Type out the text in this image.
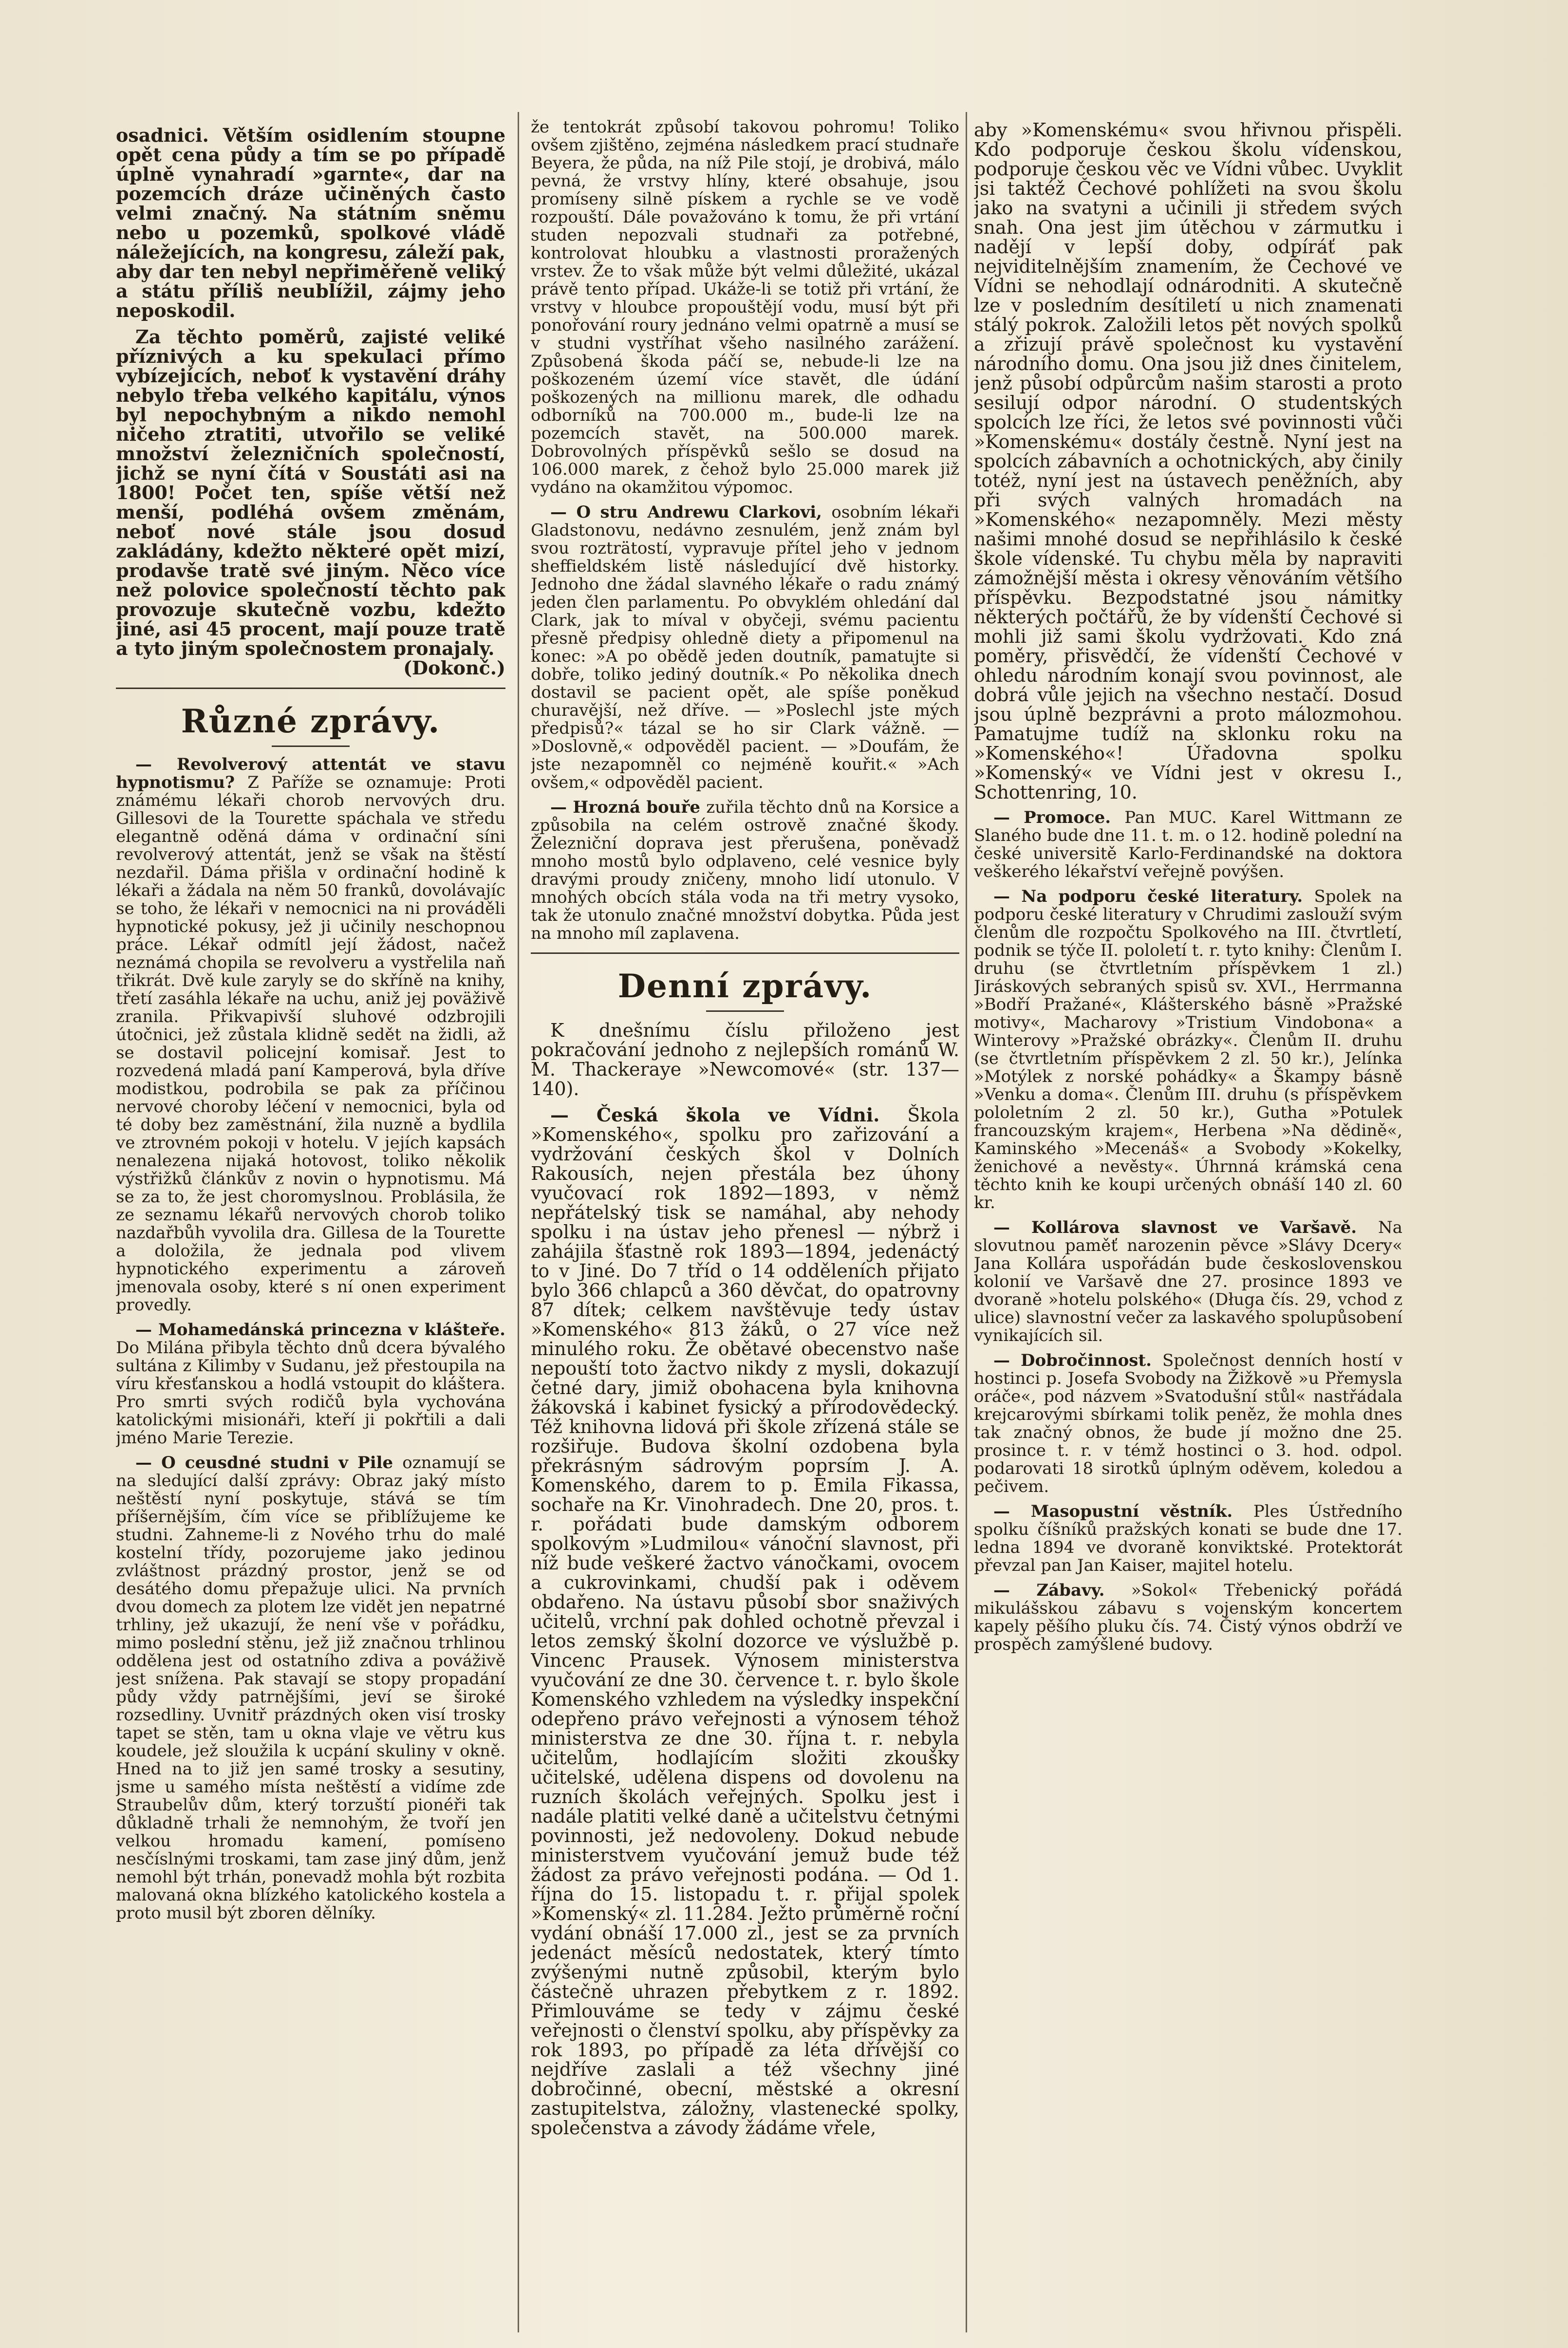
osadnici. Větším osidlením stoupne opět cena půdy a tím se po případě úplně vynahradí »garnte«, dar na pozemcích dráze učiněných často velmi značný. Na státním sněmu nebo u pozemků, spolkové vládě náležejících, na kongresu, záleží pak, aby dar ten nebyl nepřiměřeně veliký a státu příliš neublížil, zájmy jeho neposkodil.

Za těchto poměrů, zajisté veliké příznivých a ku spekulaci přímo vybízejících, neboť k vystavění dráhy nebylo třeba velkého kapitálu, výnos byl nepochybným a nikdo nemohl ničeho ztratiti, utvořilo se veliké množství železničních společností, jichž se nyní čítá v Soustáti asi na 1800! Počet ten, spíše větší než menší, podléhá ovšem změnám, neboť nové stále jsou dosud zakládány, kdežto některé opět mizí, prodavše tratě své jiným. Něco více než polovice společností těchto pak provozuje skutečně vozbu, kdežto jiné, asi 45 procent, mají pouze tratě a tyto jiným společnostem pronajaly.

(Dokonč.)
Různé zprávy.

— Revolverový attentát ve stavu hypnotismu? Z Paříže se oznamuje: Proti známému lékaři chorob nervových dru. Gillesovi de la Tourette spáchala ve středu elegantně oděná dáma v ordinační síni revolverový attentát, jenž se však na štěstí nezdařil. Dáma přišla v ordinační hodině k lékaři a žádala na něm 50 franků, dovolávajíc se toho, že lékaři v nemocnici na ni prováděli hypnotické pokusy, jež ji učinily neschopnou práce. Lékař odmítl její žádost, načež neznámá chopila se revolveru a vystřelila naň třikrát. Dvě kule zaryly se do skříně na knihy, třetí zasáhla lékaře na uchu, aniž jej poväživě zranila. Přikvapivší sluhové odzbrojili útočnici, jež zůstala klidně sedět na židli, až se dostavil policejní komisař. Jest to rozvedená mladá paní Kamperová, byla dříve modistkou, podrobila se pak za příčinou nervové choroby léčení v nemocnici, byla od té doby bez zaměstnání, žila nuzně a bydlila ve ztrovném pokoji v hotelu. V jejích kapsách nenalezena nijaká hotovost, toliko několik výstřižků článkův z novin o hypnotismu. Má se za to, že jest choromyslnou. Problásila, že ze seznamu lékařů nervových chorob toliko nazdařbůh vyvolila dra. Gillesa de la Tourette a doložila, že jednala pod vlivem hypnotického experimentu a zároveň jmenovala osoby, které s ní onen experiment provedly.

— Mohamedánská princezna v klášteře. Do Milána přibyla těchto dnů dcera bývalého sultána z Kilimby v Sudanu, jež přestoupila na víru křesťanskou a hodlá vstoupit do kláštera. Pro smrti svých rodičů byla vychována katolickými misionáři, kteří ji pokřtili a dali jméno Marie Terezie.

— O ceusdné studni v Pile oznamují se na sledující další zprávy: Obraz jaký místo neštěstí nyní poskytuje, stává se tím příšernějším, čím více se přiblížujeme ke studni. Zahneme-li z Nového trhu do malé kostelní třídy, pozorujeme jako jedinou zvláštnost prázdný prostor, jenž se od desátého domu přepažuje ulici. Na prvních dvou domech za plotem lze vidět jen nepatrné trhliny, jež ukazují, že není vše v pořádku, mimo poslední stěnu, jež již značnou trhlinou oddělena jest od ostatního zdiva a pováživě jest snížena. Pak stavají se stopy propadání půdy vždy patrnějšími, jeví se široké rozsedliny. Uvnitř prázdných oken visí trosky tapet se stěn, tam u okna vlaje ve větru kus koudele, jež sloužila k ucpání skuliny v okně. Hned na to již jen samé trosky a sesutiny, jsme u samého místa neštěstí a vidíme zde Straubelův dům, který torzuští pionéři tak důkladně trhali že nemnohým, že tvoří jen velkou hromadu kamení, pomíseno nesčíslnými troskami, tam zase jiný dům, jenž nemohl být trhán, ponevadž mohla být rozbita malovaná okna blízkého katolického kostela a proto musil být zboren dělníky.

že tentokrát způsobí takovou pohromu! Toliko ovšem zjištěno, zejména následkem prací studnaře Beyera, že půda, na níž Pile stojí, je drobivá, málo pevná, že vrstvy hlíny, které obsahuje, jsou promíseny silně pískem a rychle se ve vodě rozpouští. Dále považováno k tomu, že při vrtání studen nepozvali studnaři za potřebné, kontrolovat hloubku a vlastnosti proražených vrstev. Že to však může být velmi důležité, ukázal právě tento případ. Ukáže-li se totiž při vrtání, že vrstvy v hloubce propouštějí vodu, musí být při ponořování roury jednáno velmi opatrně a musí se v studni vystříhat všeho nasilného zarážení. Způsobená škoda páčí se, nebude-li lze na poškozeném území více stavět, dle údání poškozených na millionu marek, dle odhadu odborníků na 700.000 m., bude-li lze na pozemcích stavět, na 500.000 marek. Dobrovolných příspěvků sešlo se dosud na 106.000 marek, z čehož bylo 25.000 marek již vydáno na okamžitou výpomoc.

— O stru Andrewu Clarkovi, osobním lékaři Gladstonovu, nedávno zesnulém, jenž znám byl svou rozträtostí, vypravuje přítel jeho v jednom sheffieldském listě následující dvě historky. Jednoho dne žádal slavného lékaře o radu známý jeden člen parlamentu. Po obvyklém ohledání dal Clark, jak to míval v obyčeji, svému pacientu přesně předpisy ohledně diety a připomenul na konec: »A po obědě jeden doutník, pamatujte si dobře, toliko jediný doutník.« Po několika dnech dostavil se pacient opět, ale spíše poněkud churavější, než dříve. — »Poslechl jste mých předpisů?« tázal se ho sir Clark vážně. — »Doslovně,« odpověděl pacient. — »Doufám, že jste nezapomněl co nejméně kouřit.« »Ach ovšem,« odpověděl pacient.

— Hrozná bouře zuřila těchto dnů na Korsice a způsobila na celém ostrově značné škody. Železniční doprava jest přerušena, poněvadž mnoho mostů bylo odplaveno, celé vesnice byly dravými proudy zničeny, mnoho lidí utonulo. V mnohých obcích stála voda na tři metry vysoko, tak že utonulo značné množství dobytka. Půda jest na mnoho míl zaplavena.

Denní zprávy.

K dnešnímu číslu přiloženo jest pokračování jednoho z nejlepších románů W. M. Thackeraye »Newcomové« (str. 137—140).

— Česká škola ve Vídni. Škola »Komenského«, spolku pro zařizování a vydržování českých škol v Dolních Rakousích, nejen přestála bez úhony vyučovací rok 1892—1893, v němž nepřátelský tisk se namáhal, aby nehody spolku i na ústav jeho přenesl — nýbrž i zahájila šťastně rok 1893—1894, jedenáctý to v Jiné. Do 7 tříd o 14 odděleních přijato bylo 366 chlapců a 360 děvčat, do opatrovny 87 dítek; celkem navštěvuje tedy ústav »Komenského« 813 žáků, o 27 více než minulého roku. Že obětavé obecenstvo naše nepouští toto žactvo nikdy z mysli, dokazují četné dary, jimiž obohacena byla knihovna žákovská i kabinet fysický a přírodovědecký. Též knihovna lidová při škole zřízená stále se rozšiřuje. Budova školní ozdobena byla překrásným sádrovým poprsím J. A. Komenského, darem to p. Emila Fikassa, sochaře na Kr. Vinohradech. Dne 20, pros. t. r. pořádati bude damským odborem spolkovým »Ludmilou« vánoční slavnost, při níž bude veškeré žactvo vánočkami, ovocem a cukrovinkami, chudší pak i oděvem obdařeno. Na ústavu působí sbor snaživých učitelů, vrchní pak dohled ochotně převzal i letos zemský školní dozorce ve výslužbě p. Vincenc Prausek. Výnosem ministerstva vyučování ze dne 30. července t. r. bylo škole Komenského vzhledem na výsledky inspekční odepřeno právo veřejnosti a výnosem téhož ministerstva ze dne 30. října t. r. nebyla učitelům, hodlajícím složiti zkoušky učitelské, udělena dispens od dovolenu na ruzních školách veřejných. Spolku jest i nadále platiti velké daně a učitelstvu četnými povinnosti, jež nedovoleny. Dokud nebude ministerstvem vyučování jemuž bude též žádost za právo veřejnosti podána. — Od 1. října do 15. listopadu t. r. přijal spolek »Komenský« zl. 11.284. Ježto průměrně roční vydání obnáší 17.000 zl., jest se za prvních jedenáct měsíců nedostatek, který tímto zvýšenými nutně způsobil, kterým bylo částečně uhrazen přebytkem z r. 1892. Přimlouváme se tedy v zájmu české veřejnosti o členství spolku, aby příspěvky za rok 1893, po případě za léta dřívější co nejdříve zaslali a též všechny jiné dobročinné, obecní, městské a okresní zastupitelstva, záložny, vlastenecké spolky, společenstva a závody žádáme vřele,

aby »Komenskému« svou hřivnou přispěli. Kdo podporuje českou školu vídenskou, podporuje českou věc ve Vídni vůbec. Uvyklit jsi taktéž Čechové pohlížeti na svou školu jako na svatyni a učinili ji středem svých snah. Ona jest jim útěchou v zármutku i nadějí v lepší doby, odpíráť pak nejviditelnějším znamením, že Čechové ve Vídni se nehodlají odnárodniti. A skutečně lze v posledním desítiletí u nich znamenati stálý pokrok. Založili letos pět nových spolků a zřizují právě společnost ku vystavění národního domu. Ona jsou již dnes činitelem, jenž působí odpůrcům našim starosti a proto sesilují odpor národní. O studentských spolcích lze říci, že letos své povinnosti vůči »Komenskému« dostály čestně. Nyní jest na spolcích zábavních a ochotnických, aby činily totéž, nyní jest na ústavech peněžních, aby při svých valných hromadách na »Komenského« nezapomněly. Mezi městy našimi mnohé dosud se nepřihlásilo k české škole vídenské. Tu chybu měla by napraviti zámožnější města i okresy věnováním většího příspěvku. Bezpodstatné jsou námitky některých počtářů, že by vídenští Čechové si mohli již sami školu vydržovati. Kdo zná poměry, přisvědčí, že vídenští Čechové v ohledu národním konají svou povinnost, ale dobrá vůle jejich na všechno nestačí. Dosud jsou úplně bezprávni a proto málozmohou. Pamatujme tudíž na sklonku roku na »Komenského«! Úřadovna spolku »Komenský« ve Vídni jest v okresu I., Schottenring, 10.

— Promoce. Pan MUC. Karel Wittmann ze Slaného bude dne 11. t. m. o 12. hodině polední na české universitě Karlo-Ferdinandské na doktora veškerého lékařství veřejně povýšen.

— Na podporu české literatury. Spolek na podporu české literatury v Chrudimi zaslouží svým členům dle rozpočtu Spolkového na III. čtvrtletí, podnik se týče II. pololetí t. r. tyto knihy: Členům I. druhu (se čtvrtletním příspěvkem 1 zl.) Jiráskových sebraných spisů sv. XVI., Herrmanna »Bodří Pražané«, Klášterského básně »Pražské motivy«, Macharovy »Tristium Vindobona« a Winterovy »Pražské obrázky«. Členům II. druhu (se čtvrtletním příspěvkem 2 zl. 50 kr.), Jelínka »Motýlek z norské pohádky« a Škampy básně »Venku a doma«. Členům III. druhu (s příspěvkem pololetním 2 zl. 50 kr.), Gutha »Potulek francouzským krajem«, Herbena »Na dědině«, Kaminského »Mecenáš« a Svobody »Kokelky, ženichové a nevěsty«. Úhrnná krámská cena těchto knih ke koupi určených obnáší 140 zl. 60 kr.

— Kollárova slavnost ve Varšavě. Na slovutnou paměť narozenin pěvce »Slávy Dcery« Jana Kollára uspořádán bude československou kolonií ve Varšavě dne 27. prosince 1893 ve dvoraně »hotelu polského« (Długa čís. 29, vchod z ulice) slavnostní večer za laskavého spolupůsobení vynikajících sil.

— Dobročinnost. Společnost denních hostí v hostinci p. Josefa Svobody na Žižkově »u Přemysla oráče«, pod názvem »Svatodušní stůl« nastřádala krejcarovými sbírkami tolik peněz, že mohla dnes tak značný obnos, že bude jí možno dne 25. prosince t. r. v témž hostinci o 3. hod. odpol. podarovati 18 sirotků úplným oděvem, koledou a pečivem.

— Masopustní věstník. Ples Ústředního spolku číšníků pražských konati se bude dne 17. ledna 1894 ve dvoraně konviktské. Protektorát převzal pan Jan Kaiser, majitel hotelu.

— Zábavy. »Sokol« Třebenický pořádá mikulášskou zábavu s vojenským koncertem kapely pěšího pluku čís. 74. Čistý výnos obdrží ve prospěch zamýšlené budovy.
